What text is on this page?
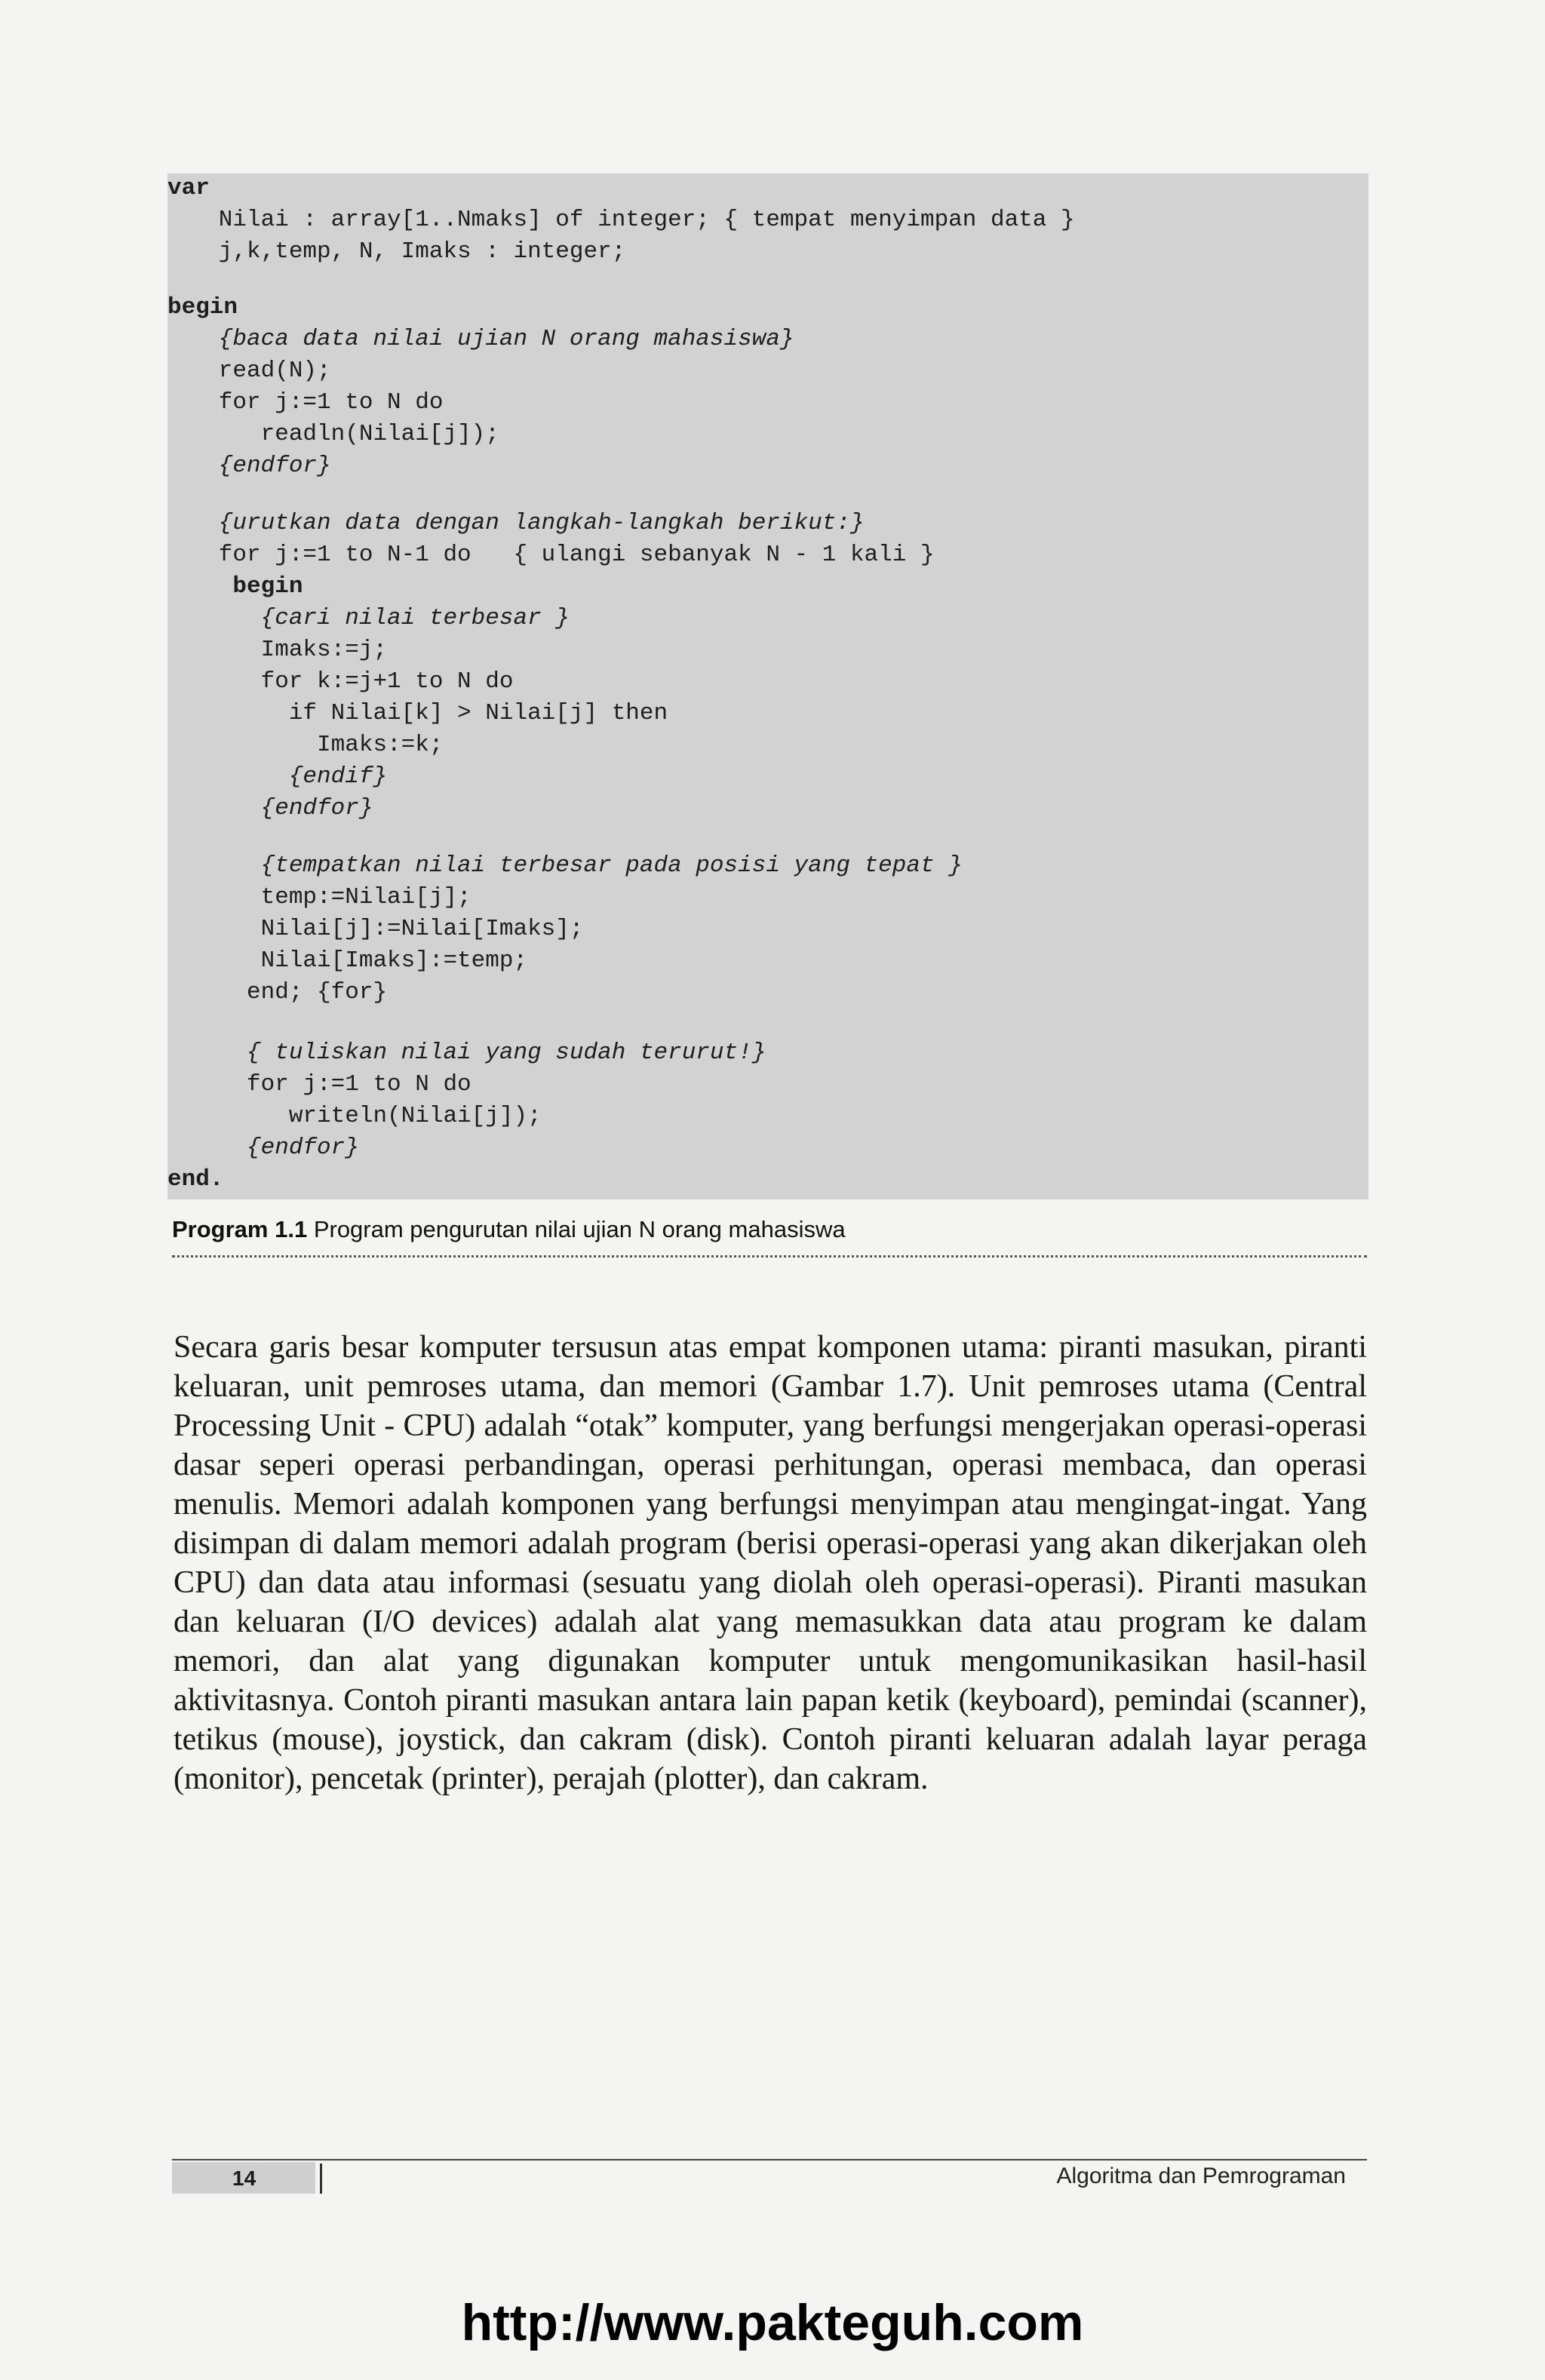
var
Nilai : array[1..Nmaks] of integer; { tempat menyimpan data }
j,k,temp, N, Imaks : integer;
begin
{baca data nilai ujian N orang mahasiswa}
read(N);
for j:=1 to N do
readln(Nilai[j]);
{endfor}
{urutkan data dengan langkah-langkah berikut:}
for j:=1 to N-1 do   { ulangi sebanyak N - 1 kali }
begin
{cari nilai terbesar }
Imaks:=j;
for k:=j+1 to N do
if Nilai[k] > Nilai[j] then
Imaks:=k;
{endif}
{endfor}
{tempatkan nilai terbesar pada posisi yang tepat }
temp:=Nilai[j];
Nilai[j]:=Nilai[Imaks];
Nilai[Imaks]:=temp;
end; {for}
{ tuliskan nilai yang sudah terurut!}
for j:=1 to N do
writeln(Nilai[j]);
{endfor}
end.
Program 1.1 Program pengurutan nilai ujian N orang mahasiswa

Secara garis besar komputer tersusun atas empat komponen utama: piranti masukan, piranti keluaran, unit pemroses utama, dan memori (Gambar 1.7). Unit pemroses utama (Central Processing Unit - CPU) adalah “otak” komputer, yang berfungsi mengerjakan operasi-operasi dasar seperi operasi perbandingan, operasi perhitungan, operasi membaca, dan operasi menulis. Memori adalah komponen yang berfungsi menyimpan atau mengingat-ingat. Yang disimpan di dalam memori adalah program (berisi operasi-operasi yang akan dikerjakan oleh CPU) dan data atau informasi (sesuatu yang diolah oleh operasi-operasi). Piranti masukan dan keluaran (I/O devices) adalah alat yang memasukkan data atau program ke dalam memori, dan alat yang digunakan komputer untuk mengomunikasikan hasil-hasil aktivitasnya. Contoh piranti masukan antara lain papan ketik (keyboard), pemindai (scanner), tetikus (mouse), joystick, dan cakram (disk). Contoh piranti keluaran adalah layar peraga (monitor), pencetak (printer), perajah (plotter), dan cakram.

14	Algoritma dan Pemrograman
http://www.pakteguh.com
